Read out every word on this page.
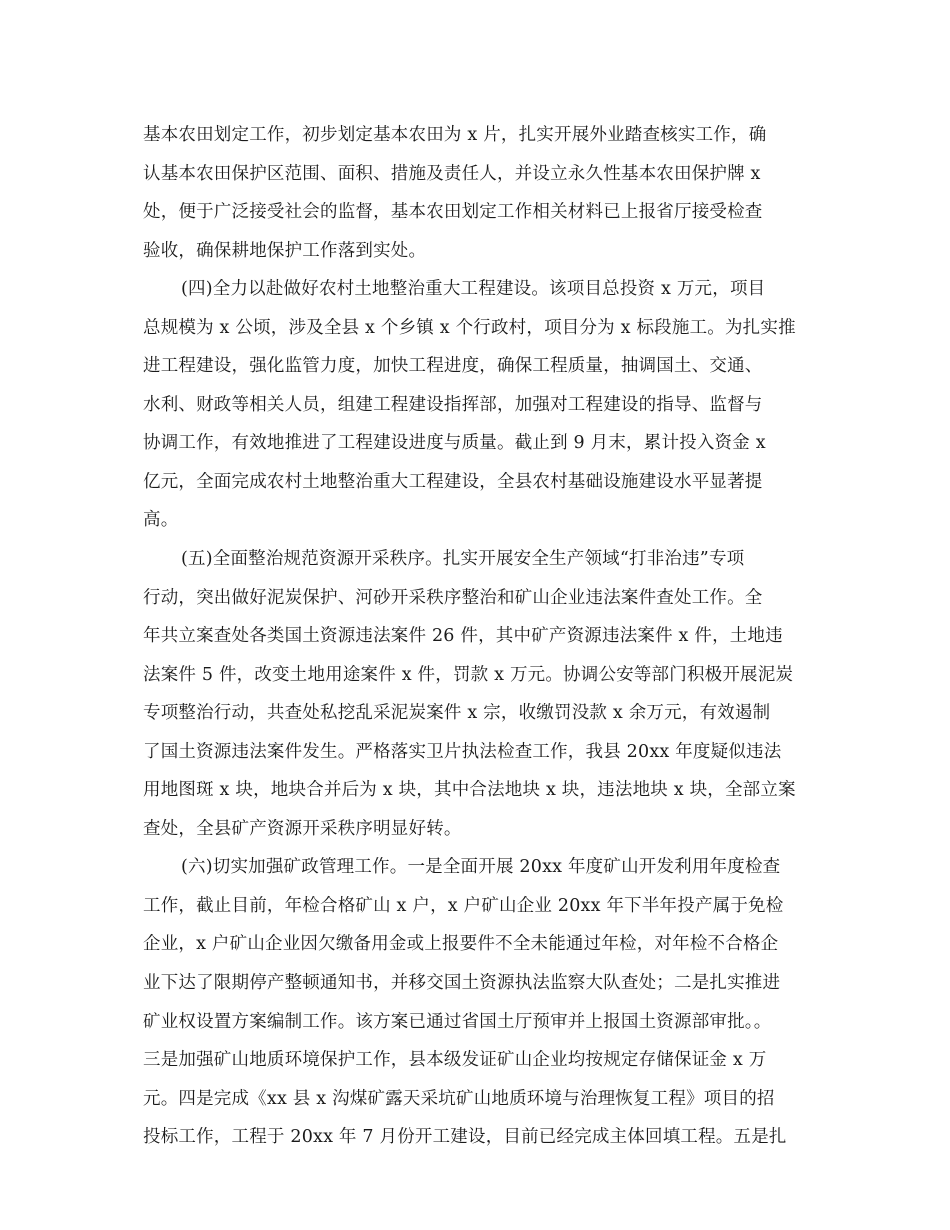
基本农田划定工作，初步划定基本农田为 x 片，扎实开展外业踏查核实工作，确
认基本农田保护区范围、面积、措施及责任人，并设立永久性基本农田保护牌 x
处，便于广泛接受社会的监督，基本农田划定工作相关材料已上报省厅接受检查
验收，确保耕地保护工作落到实处。
(四)全力以赴做好农村土地整治重大工程建设。该项目总投资 x 万元，项目
总规模为 x 公顷，涉及全县 x 个乡镇 x 个行政村，项目分为 x 标段施工。为扎实推
进工程建设，强化监管力度，加快工程进度，确保工程质量，抽调国土、交通、
水利、财政等相关人员，组建工程建设指挥部，加强对工程建设的指导、监督与
协调工作，有效地推进了工程建设进度与质量。截止到 9 月末，累计投入资金 x
亿元，全面完成农村土地整治重大工程建设，全县农村基础设施建设水平显著提
高。
(五)全面整治规范资源开采秩序。扎实开展安全生产领域“打非治违”专项
行动，突出做好泥炭保护、河砂开采秩序整治和矿山企业违法案件查处工作。全
年共立案查处各类国土资源违法案件 26 件，其中矿产资源违法案件 x 件，土地违
法案件 5 件，改变土地用途案件 x 件，罚款 x 万元。协调公安等部门积极开展泥炭
专项整治行动，共查处私挖乱采泥炭案件 x 宗，收缴罚没款 x 余万元，有效遏制
了国土资源违法案件发生。严格落实卫片执法检查工作，我县 20xx 年度疑似违法
用地图斑 x 块，地块合并后为 x 块，其中合法地块 x 块，违法地块 x 块，全部立案
查处，全县矿产资源开采秩序明显好转。
(六)切实加强矿政管理工作。一是全面开展 20xx 年度矿山开发利用年度检查
工作，截止目前，年检合格矿山 x 户，x 户矿山企业 20xx 年下半年投产属于免检
企业，x 户矿山企业因欠缴备用金或上报要件不全未能通过年检，对年检不合格企
业下达了限期停产整顿通知书，并移交国土资源执法监察大队查处；二是扎实推进
矿业权设置方案编制工作。该方案已通过省国土厅预审并上报国土资源部审批。。
三是加强矿山地质环境保护工作，县本级发证矿山企业均按规定存储保证金 x 万
元。四是完成《xx 县 x 沟煤矿露天采坑矿山地质环境与治理恢复工程》项目的招
投标工作，工程于 20xx 年 7 月份开工建设，目前已经完成主体回填工程。五是扎
